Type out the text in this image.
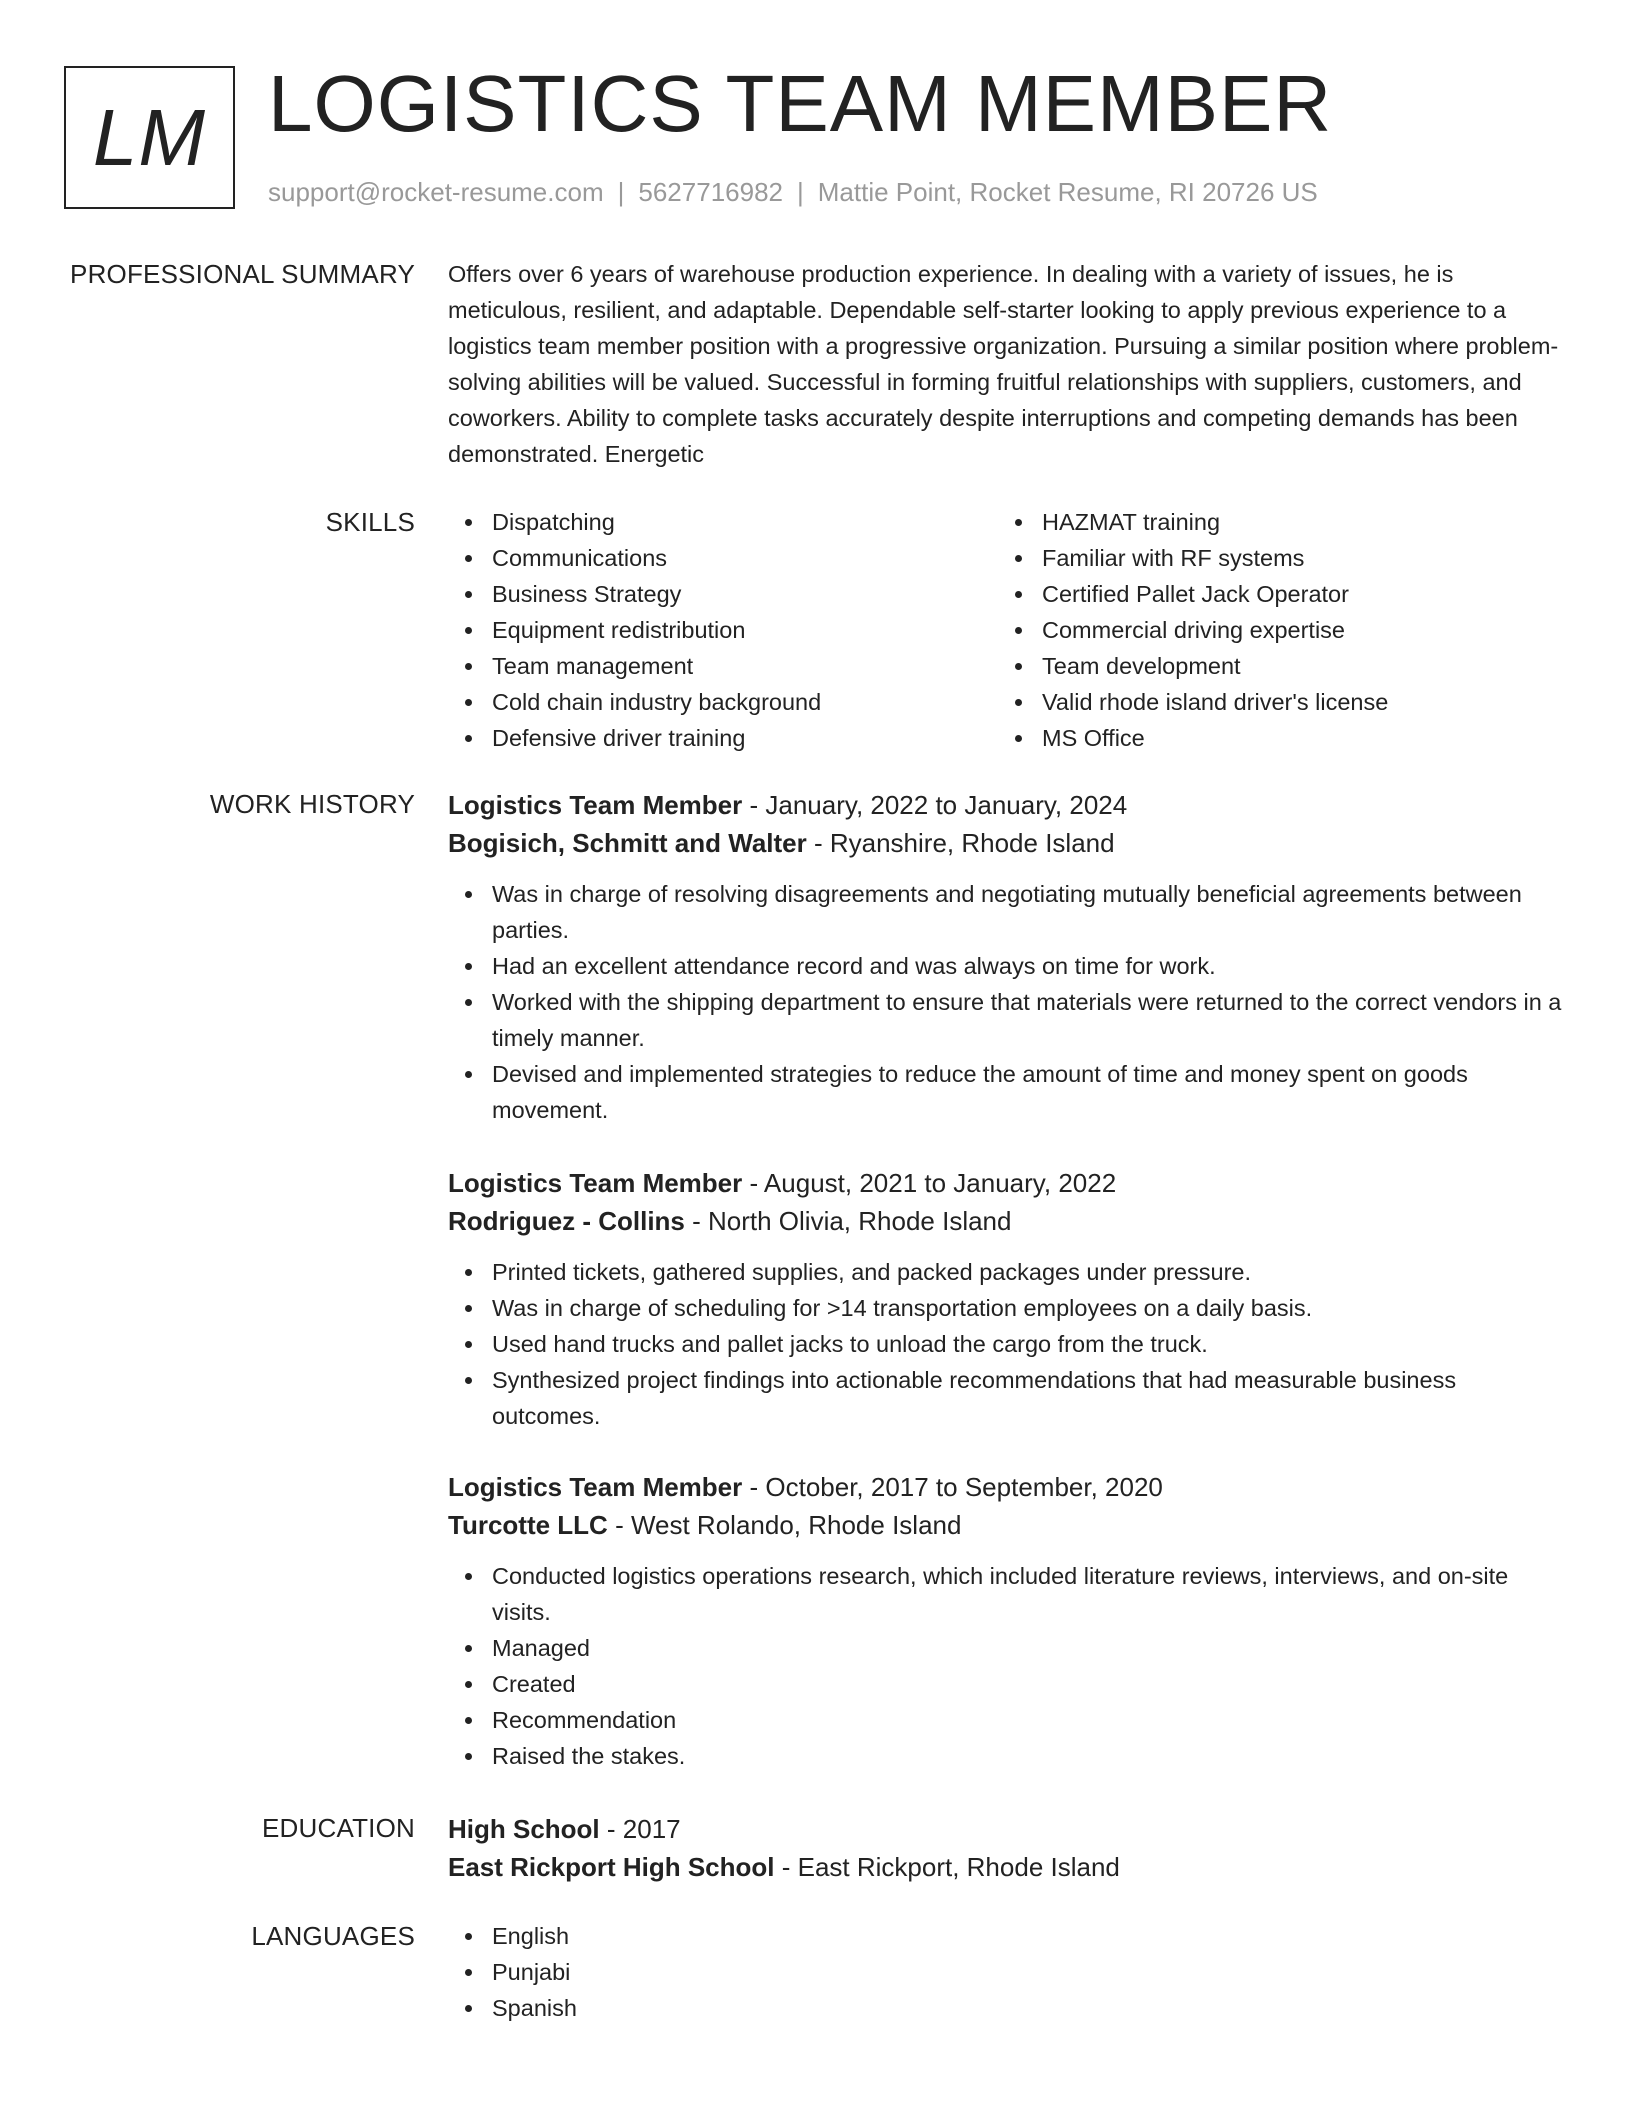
LM LOGISTICS TEAM MEMBER
support@rocket-resume.com | 5627716982 | Mattie Point, Rocket Resume, RI 20726 US
PROFESSIONAL SUMMARY Offers over 6 years of warehouse production experience. In dealing with a variety of issues, he is meticulous, resilient, and adaptable. Dependable self-starter looking to apply previous experience to a logistics team member position with a progressive organization. Pursuing a similar position where problem-solving abilities will be valued. Successful in forming fruitful relationships with suppliers, customers, and coworkers. Ability to complete tasks accurately despite interruptions and competing demands has been demonstrated. Energetic
SKILLS	Dispatching
Communications
Business Strategy
Equipment redistribution
Team management
Cold chain industry background
Defensive driver training
HAZMAT training
Familiar with RF systems
Certified Pallet Jack Operator
Commercial driving expertise
Team development
Valid rhode island driver's license
MS Office
WORK HISTORY Logistics Team Member - January, 2022 to January, 2024
Bogisich, Schmitt and Walter - Ryanshire, Rhode Island
Was in charge of resolving disagreements and negotiating mutually beneficial agreements between parties.
Had an excellent attendance record and was always on time for work.
Worked with the shipping department to ensure that materials were returned to the correct vendors in a timely manner.
Devised and implemented strategies to reduce the amount of time and money spent on goods movement.
Logistics Team Member - August, 2021 to January, 2022
Rodriguez - Collins - North Olivia, Rhode Island
Printed tickets, gathered supplies, and packed packages under pressure.
Was in charge of scheduling for >14 transportation employees on a daily basis.
Used hand trucks and pallet jacks to unload the cargo from the truck.
Synthesized project findings into actionable recommendations that had measurable business outcomes.
Logistics Team Member - October, 2017 to September, 2020
Turcotte LLC - West Rolando, Rhode Island
Conducted logistics operations research, which included literature reviews, interviews, and on-site visits.
Managed
Created
Recommendation
Raised the stakes.
EDUCATION High School - 2017
East Rickport High School - East Rickport, Rhode Island
LANGUAGES	English
Punjabi
Spanish
